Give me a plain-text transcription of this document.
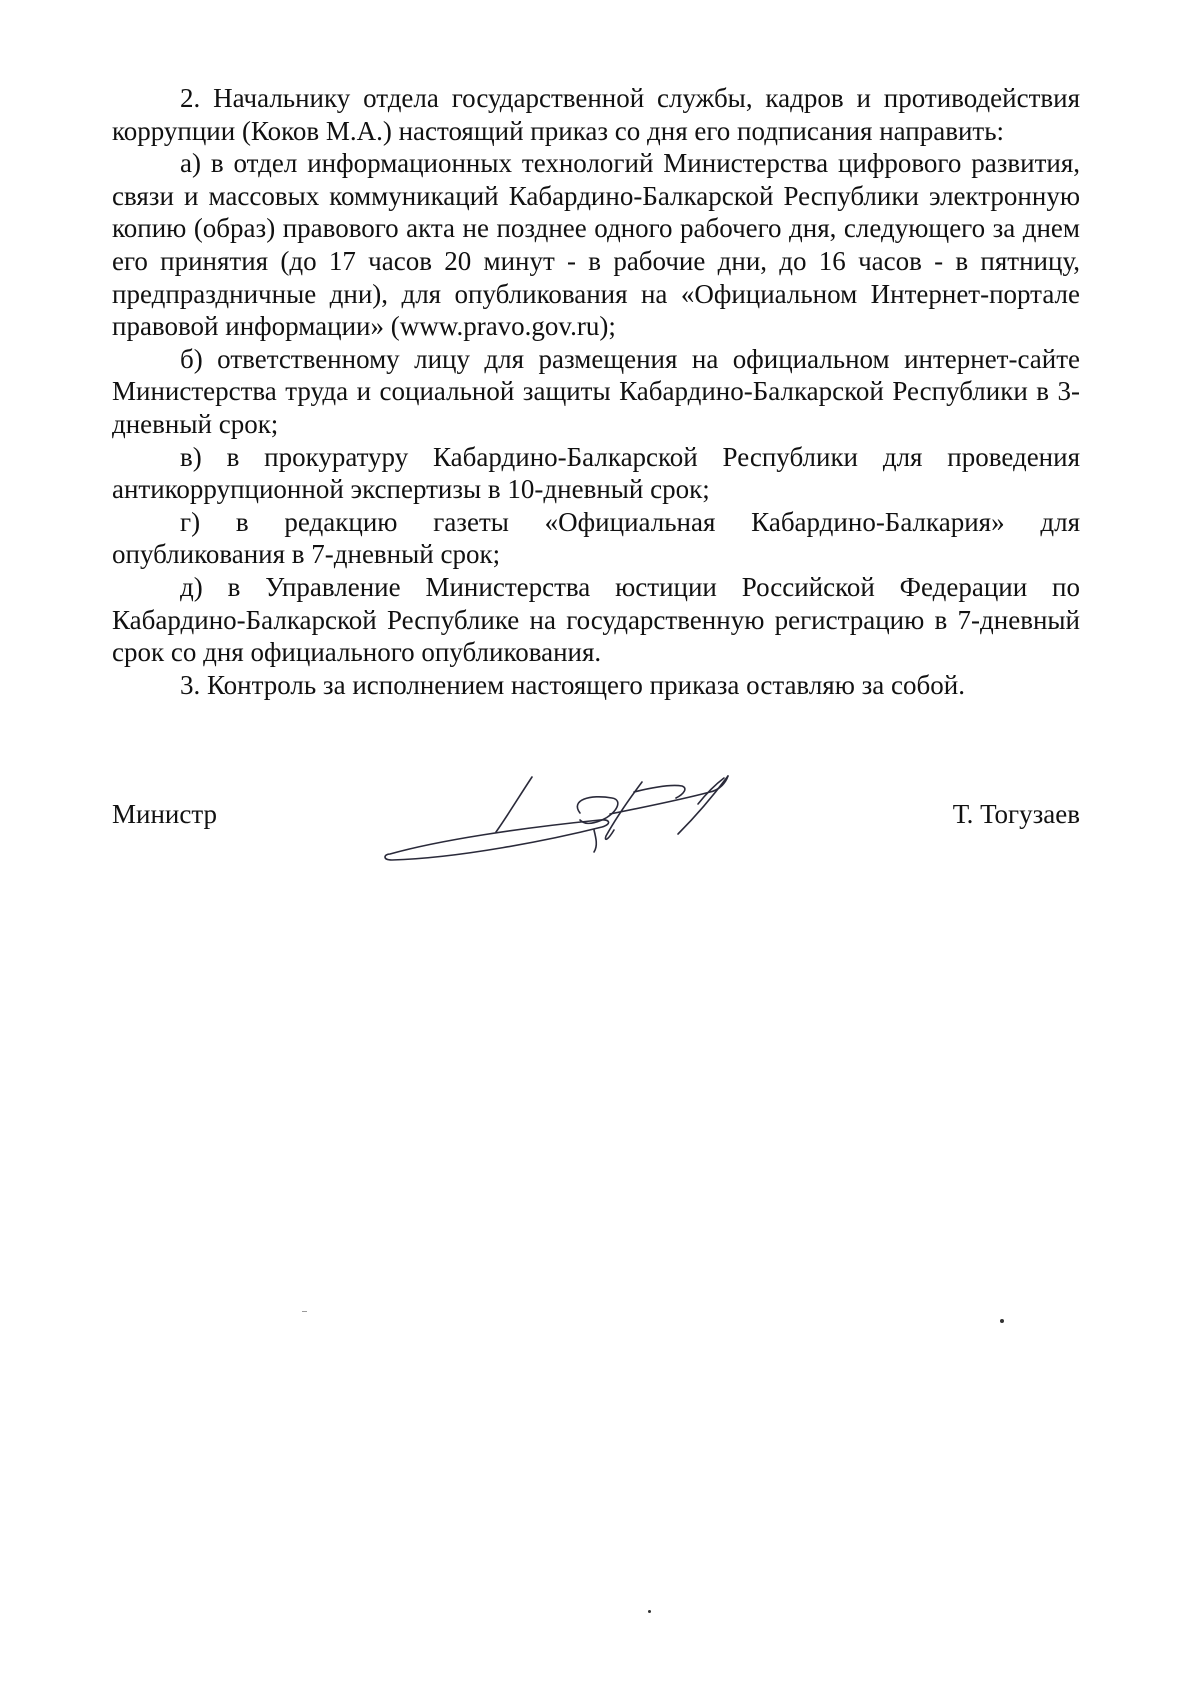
2. Начальнику отдела государственной службы, кадров и противодействия коррупции (Коков М.А.) настоящий приказ со дня его подписания направить:

а) в отдел информационных технологий Министерства цифрового развития, связи и массовых коммуникаций Кабардино-Балкарской Республики электронную копию (образ) правового акта не позднее одного рабочего дня, следующего за днем его принятия (до 17 часов 20 минут - в рабочие дни, до 16 часов - в пятницу, предпраздничные дни), для опубликования на «Официальном Интернет-портале правовой информации» (www.pravo.gov.ru);

б) ответственному лицу для размещения на официальном интернет-сайте Министерства труда и социальной защиты Кабардино-Балкарской Республики в 3-дневный срок;

в) в прокуратуру Кабардино-Балкарской Республики для проведения антикоррупционной экспертизы в 10-дневный срок;

г) в редакцию газеты «Официальная Кабардино-Балкария» для опубликования в 7-дневный срок;

д) в Управление Министерства юстиции Российской Федерации по Кабардино-Балкарской Республике на государственную регистрацию в 7-дневный срок со дня официального опубликования.

3. Контроль за исполнением настоящего приказа оставляю за собой.

Министр	Т. Тогузаев
